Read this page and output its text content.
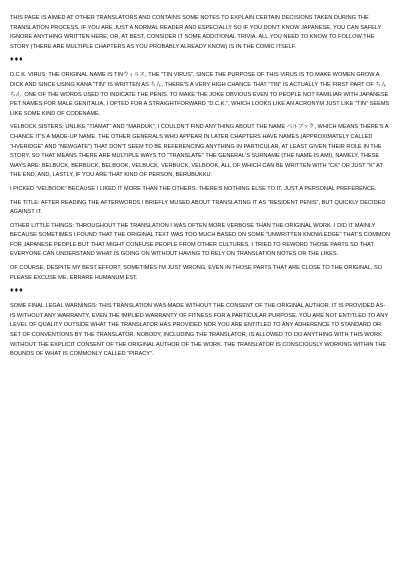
THIS PAGE IS AIMED AT OTHER TRANSLATORS AND CONTAINS SOME NOTES TO EXPLAIN CERTAIN DECISIONS TAKEN DURING THE TRANSLATION PROCESS. IF YOU ARE JUST A NORMAL READER AND ESPECIALLY SO IF YOU DON'T KNOW JAPANESE, YOU CAN SAFELY IGNORE ANYTHING WRITTEN HERE, OR, AT BEST, CONSIDER IT SOME ADDITIONAL TRIVIA. ALL YOU NEED TO KNOW TO FOLLOW THE STORY (THERE ARE MULTIPLE CHAPTERS AS YOU PROBABLY ALREADY KNOW) IS IN THE COMIC ITSELF.

♦♦♦

D.C.K. VIRUS: THE ORIGINAL NAME IS TINウィルス, THE "TIN VIRUS". SINCE THE PURPOSE OF THIS VIRUS IS TO MAKE WOMEN GROW A DICK AND SINCE USING KANA "TIN" IS WRITTEN AS ちん, THERE'S A VERY HIGH CHANCE THAT "TIN" IS ACTUALLY THE FIRST PART OF ちんちん, ONE OF THE WORDS USED TO INDICATE THE PENIS. TO MAKE THE JOKE OBVIOUS EVEN TO PEOPLE NOT FAMILIAR WITH JAPANESE PET NAMES FOR MALE GENITALIA, I OPTED FOR A STRAIGHTFORWARD "D.C.K.", WHICH LOOKS LIKE AN ACRONYM JUST LIKE "TIN" SEEMS LIKE SOME KIND OF CODENAME.

VELBOCK SISTERS: UNLIKE "TIAMAT" AND "MARDUK", I COULDN'T FIND ANYTHING ABOUT THE NAME ベルブック, WHICH MEANS THERE'S A CHANCE IT'S A MADE-UP NAME. THE OTHER GENERALS WHO APPEAR IN LATER CHAPTERS HAVE NAMES (APPROXIMATELY CALLED "HVERIDGE" AND "NEWGATE") THAT DON'T SEEM TO BE REFERENCING ANYTHING IN PARTICULAR, AT LEAST GIVEN THEIR ROLE IN THE STORY, SO THAT MEANS THERE ARE MULTIPLE WAYS TO "TRANSLATE" THE GENERAL'S SURNAME (THE NAME IS AMI), NAMELY, THESE WAYS ARE: BELBUCK, BERBUCK, BELBOOK, VELBUCK, VERBUCK, VELBOOK, ALL OF WHICH CAN BE WRITTEN WITH "CK" OR JUST "K" AT THE END, AND, LASTLY, IF YOU ARE THAT KIND OF PERSON, BERUBUKKU.

I PICKED "VELBOOK" BECAUSE I LIKED IT MORE THAN THE OTHERS. THERE'S NOTHING ELSE TO IT, JUST A PERSONAL PREFERENCE.

THE TITLE: AFTER READING THE AFTERWORDS I BRIEFLY MUSED ABOUT TRANSLATING IT AS "RESIDENT PENIS", BUT QUICKLY DECIDED AGAINST IT.

OTHER LITTLE THINGS: THROUGHOUT THE TRANSLATION I WAS OFTEN MORE VERBOSE THAN THE ORIGINAL WORK. I DID IT MAINLY BECAUSE SOMETIMES I FOUND THAT THE ORIGINAL TEXT WAS TOO MUCH BASED ON SOME "UNWRITTEN KNOWLEDGE" THAT'S COMMON FOR JAPANESE PEOPLE BUT THAT MIGHT CONFUSE PEOPLE FROM OTHER CULTURES. I TRIED TO REWORD THOSE PARTS SO THAT EVERYONE CAN UNDERSTAND WHAT IS GOING ON WITHOUT HAVING TO RELY ON TRANSLATION NOTES OR THE LIKES.

OF COURSE, DESPITE MY BEST EFFORT, SOMETIMES I'M JUST WRONG, EVEN IN THOSE PARTS THAT ARE CLOSE TO THE ORIGINAL, SO PLEASE EXCUSE ME. ERRARE HUMANUM EST.

♦♦♦

SOME FINAL LEGAL WARNINGS: THIS TRANSLATION WAS MADE WITHOUT THE CONSENT OF THE ORIGINAL AUTHOR. IT IS PROVIDED AS-IS WITHOUT ANY WARRANTY, EVEN THE IMPLIED WARRANTY OF FITNESS FOR A PARTICULAR PURPOSE. YOU ARE NOT ENTITLED TO ANY LEVEL OF QUALITY OUTSIDE WHAT THE TRANSLATOR HAS PROVIDED NOR YOU ARE ENTITLED TO ANY ADHERENCE TO STANDARD OR SET OF CONVENTIONS BY THE TRANSLATOR. NOBODY, INCLUDING THE TRANSLATOR, IS ALLOWED TO DO ANYTHING WITH THIS WORK WITHOUT THE EXPLICIT CONSENT OF THE ORIGINAL AUTHOR OF THE WORK. THE TRANSLATOR IS CONSCIOUSLY WORKING WITHIN THE BOUNDS OF WHAT IS COMMONLY CALLED "PIRACY".
